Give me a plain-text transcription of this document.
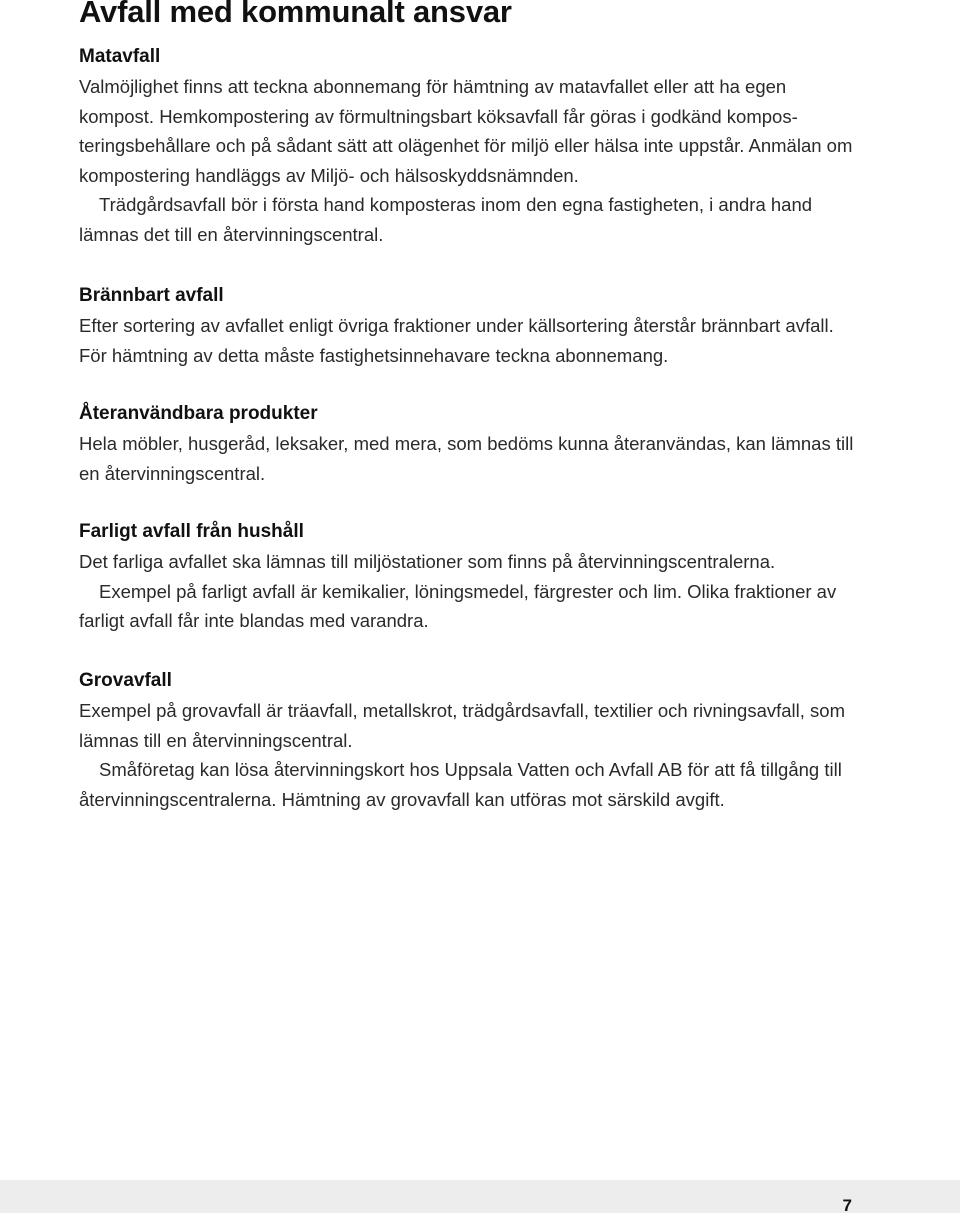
Avfall med kommunalt ansvar
Matavfall

Valmöjlighet finns att teckna abonnemang för hämtning av matavfallet eller att ha egen kompost. Hemkompostering av förmultningsbart köksavfall får göras i godkänd komposteringsbehållare och på sådant sätt att olägenhet för miljö eller hälsa inte uppstår. Anmälan om kompostering handläggs av Miljö- och hälsoskyddsnämnden.

Trädgårdsavfall bör i första hand komposteras inom den egna fastigheten, i andra hand lämnas det till en återvinningscentral.

Brännbart avfall

Efter sortering av avfallet enligt övriga fraktioner under källsortering återstår brännbart avfall. För hämtning av detta måste fastighetsinnehavare teckna abonnemang.

Återanvändbara produkter

Hela möbler, husgeråd, leksaker, med mera, som bedöms kunna återanvändas, kan lämnas till en återvinningscentral.

Farligt avfall från hushåll

Det farliga avfallet ska lämnas till miljöstationer som finns på återvinningscentralerna.

Exempel på farligt avfall är kemikalier, löningsmedel, färgrester och lim. Olika fraktioner av farligt avfall får inte blandas med varandra.

Grovavfall

Exempel på grovavfall är träavfall, metallskrot, trädgårdsavfall, textilier och rivningsavfall, som lämnas till en återvinningscentral.

Småföretag kan lösa återvinningskort hos Uppsala Vatten och Avfall AB för att få tillgång till återvinningscentralerna. Hämtning av grovavfall kan utföras mot särskild avgift.

7
